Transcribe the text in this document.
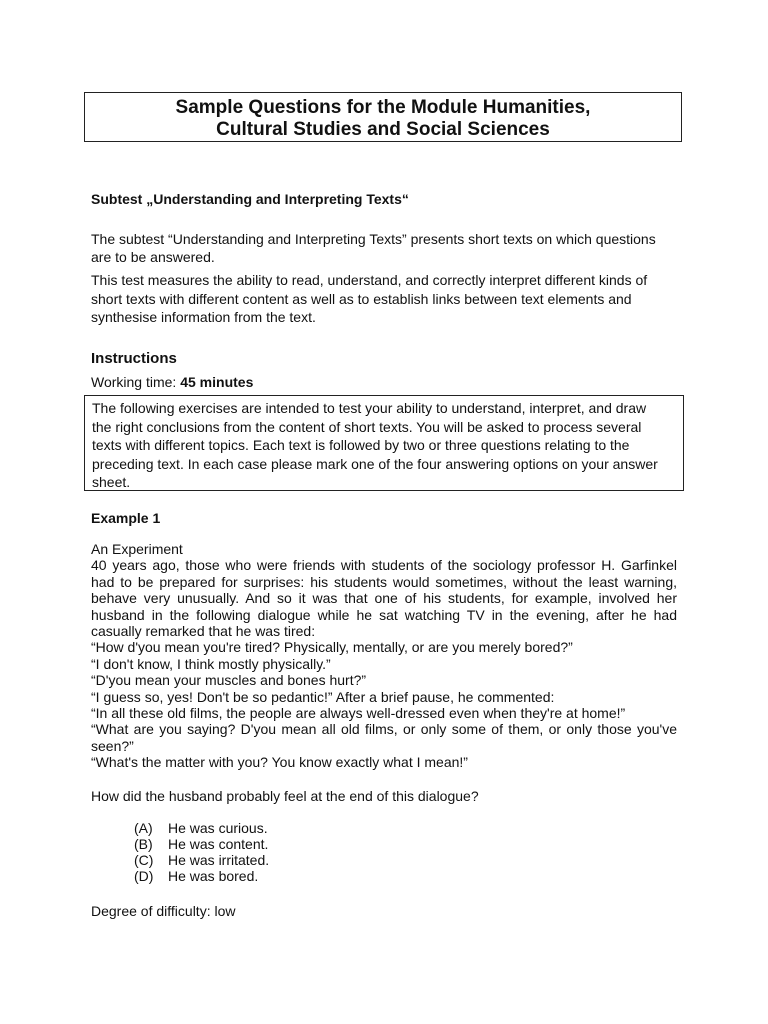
Sample Questions for the Module Humanities,
Cultural Studies and Social Sciences
Subtest „Understanding and Interpreting Texts“
The subtest “Understanding and Interpreting Texts” presents short texts on which questions
are to be answered.
This test measures the ability to read, understand, and correctly interpret different kinds of
short texts with different content as well as to establish links between text elements and
synthesise information from the text.
Instructions
Working time: 45 minutes
The following exercises are intended to test your ability to understand, interpret, and draw
the right conclusions from the content of short texts. You will be asked to process several
texts with different topics. Each text is followed by two or three questions relating to the
preceding text. In each case please mark one of the four answering options on your answer
sheet.
Example 1
An Experiment
40 years ago, those who were friends with students of the sociology professor H. Garfinkel
had to be prepared for surprises: his students would sometimes, without the least warning,
behave very unusually. And so it was that one of his students, for example, involved her
husband in the following dialogue while he sat watching TV in the evening, after he had
casually remarked that he was tired:
“How d'you mean you're tired? Physically, mentally, or are you merely bored?”
“I don't know, I think mostly physically.”
“D'you mean your muscles and bones hurt?”
“I guess so, yes! Don't be so pedantic!” After a brief pause, he commented:
“In all these old films, the people are always well-dressed even when they're at home!”
“What are you saying? D'you mean all old films, or only some of them, or only those you've
seen?”
“What's the matter with you? You know exactly what I mean!”
How did the husband probably feel at the end of this dialogue?
(A) He was curious.
(B) He was content.
(C) He was irritated.
(D) He was bored.
Degree of difficulty: low
